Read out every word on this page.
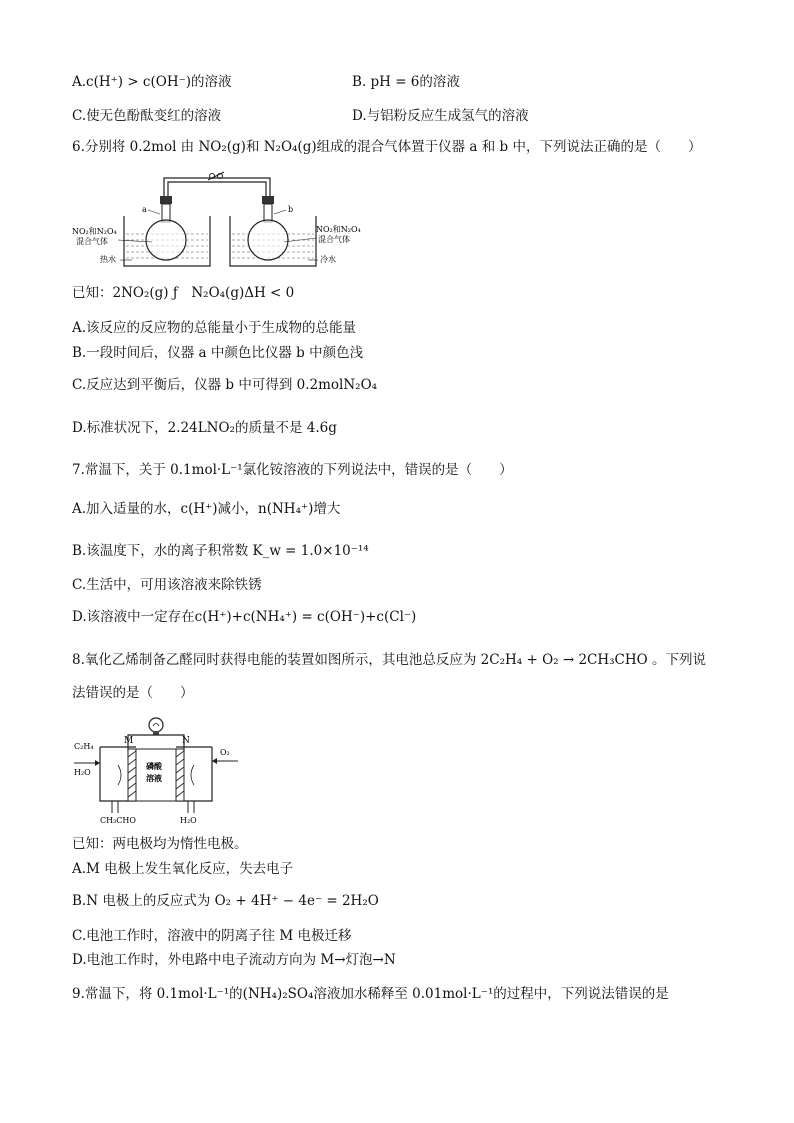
A.c(H⁺) > c(OH⁻)的溶液	B. pH = 6的溶液
C.使无色酚酞变红的溶液	D.与铝粉反应生成氢气的溶液
6.分别将 0.2mol 由 NO₂(g)和 N₂O₄(g)组成的混合气体置于仪器 a 和 b 中，下列说法正确的是（　　）
a	b
NO₂和N₂O₄
混合气体
热水
NO₂和N₂O₄
混合气体
冷水
已知：2NO₂(g) ƒ　N₂O₄(g)ΔH < 0
A.该反应的反应物的总能量小于生成物的总能量
B.一段时间后，仪器 a 中颜色比仪器 b 中颜色浅
C.反应达到平衡后，仪器 b 中可得到 0.2molN₂O₄
D.标准状况下，2.24LNO₂的质量不是 4.6g
7.常温下，关于 0.1mol·L⁻¹氯化铵溶液的下列说法中，错误的是（　　）
A.加入适量的水，c(H⁺)减小，n(NH₄⁺)增大
B.该温度下，水的离子积常数 K_w = 1.0×10⁻¹⁴
C.生活中，可用该溶液来除铁锈
D.该溶液中一定存在c(H⁺)+c(NH₄⁺) = c(OH⁻)+c(Cl⁻)
8.氧化乙烯制备乙醛同时获得电能的装置如图所示，其电池总反应为 2C₂H₄ + O₂ → 2CH₃CHO 。下列说
法错误的是（　　）
M	N
C₂H₄
H₂O
O₂
磷酸
溶液
CH₃CHO	H₂O
已知：两电极均为惰性电极。
A.M 电极上发生氧化反应，失去电子
B.N 电极上的反应式为 O₂ + 4H⁺ − 4e⁻ = 2H₂O
C.电池工作时，溶液中的阴离子往 M 电极迁移
D.电池工作时，外电路中电子流动方向为 M→灯泡→N
9.常温下，将 0.1mol·L⁻¹的(NH₄)₂SO₄溶液加水稀释至 0.01mol·L⁻¹的过程中，下列说法错误的是
